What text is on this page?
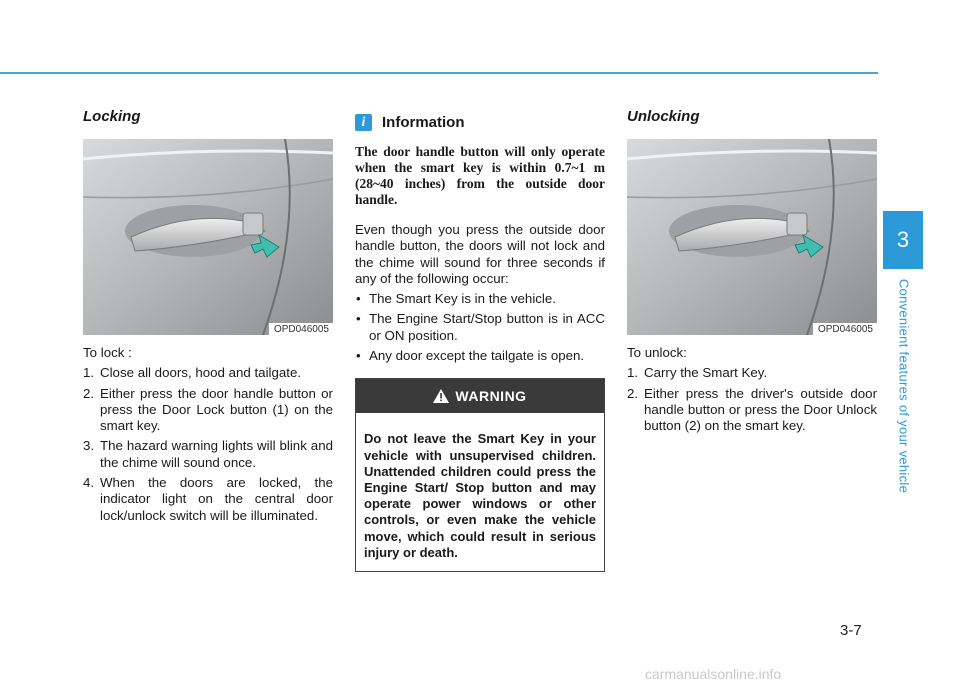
Locking
OPD046005

To lock :

1. Close all doors, hood and tailgate.
2. Either press the door handle button or press the Door Lock button (1) on the smart key.
3. The hazard warning lights will blink and the chime will sound once.
4. When the doors are locked, the indicator light on the central door lock/unlock switch will be illuminated.
i	Information
The door handle button will only operate when the smart key is within 0.7~1 m (28~40 inches) from the outside door handle.
Even though you press the outside door handle button, the doors will not lock and the chime will sound for three seconds if any of the following occur:
• The Smart Key is in the vehicle.
• The Engine Start/Stop button is in ACC or ON position.
• Any door except the tailgate is open.
WARNING
Do not leave the Smart Key in your vehicle with unsupervised children. Unattended children could press the Engine Start/ Stop button and may operate power windows or other controls, or even make the vehicle move, which could result in serious injury or death.
Unlocking
OPD046005

To unlock:

1. Carry the Smart Key.
2. Either press the driver's outside door handle button or press the Door Unlock button (2) on the smart key.
3
Convenient features of your vehicle
3-7
carmanualsonline.info
